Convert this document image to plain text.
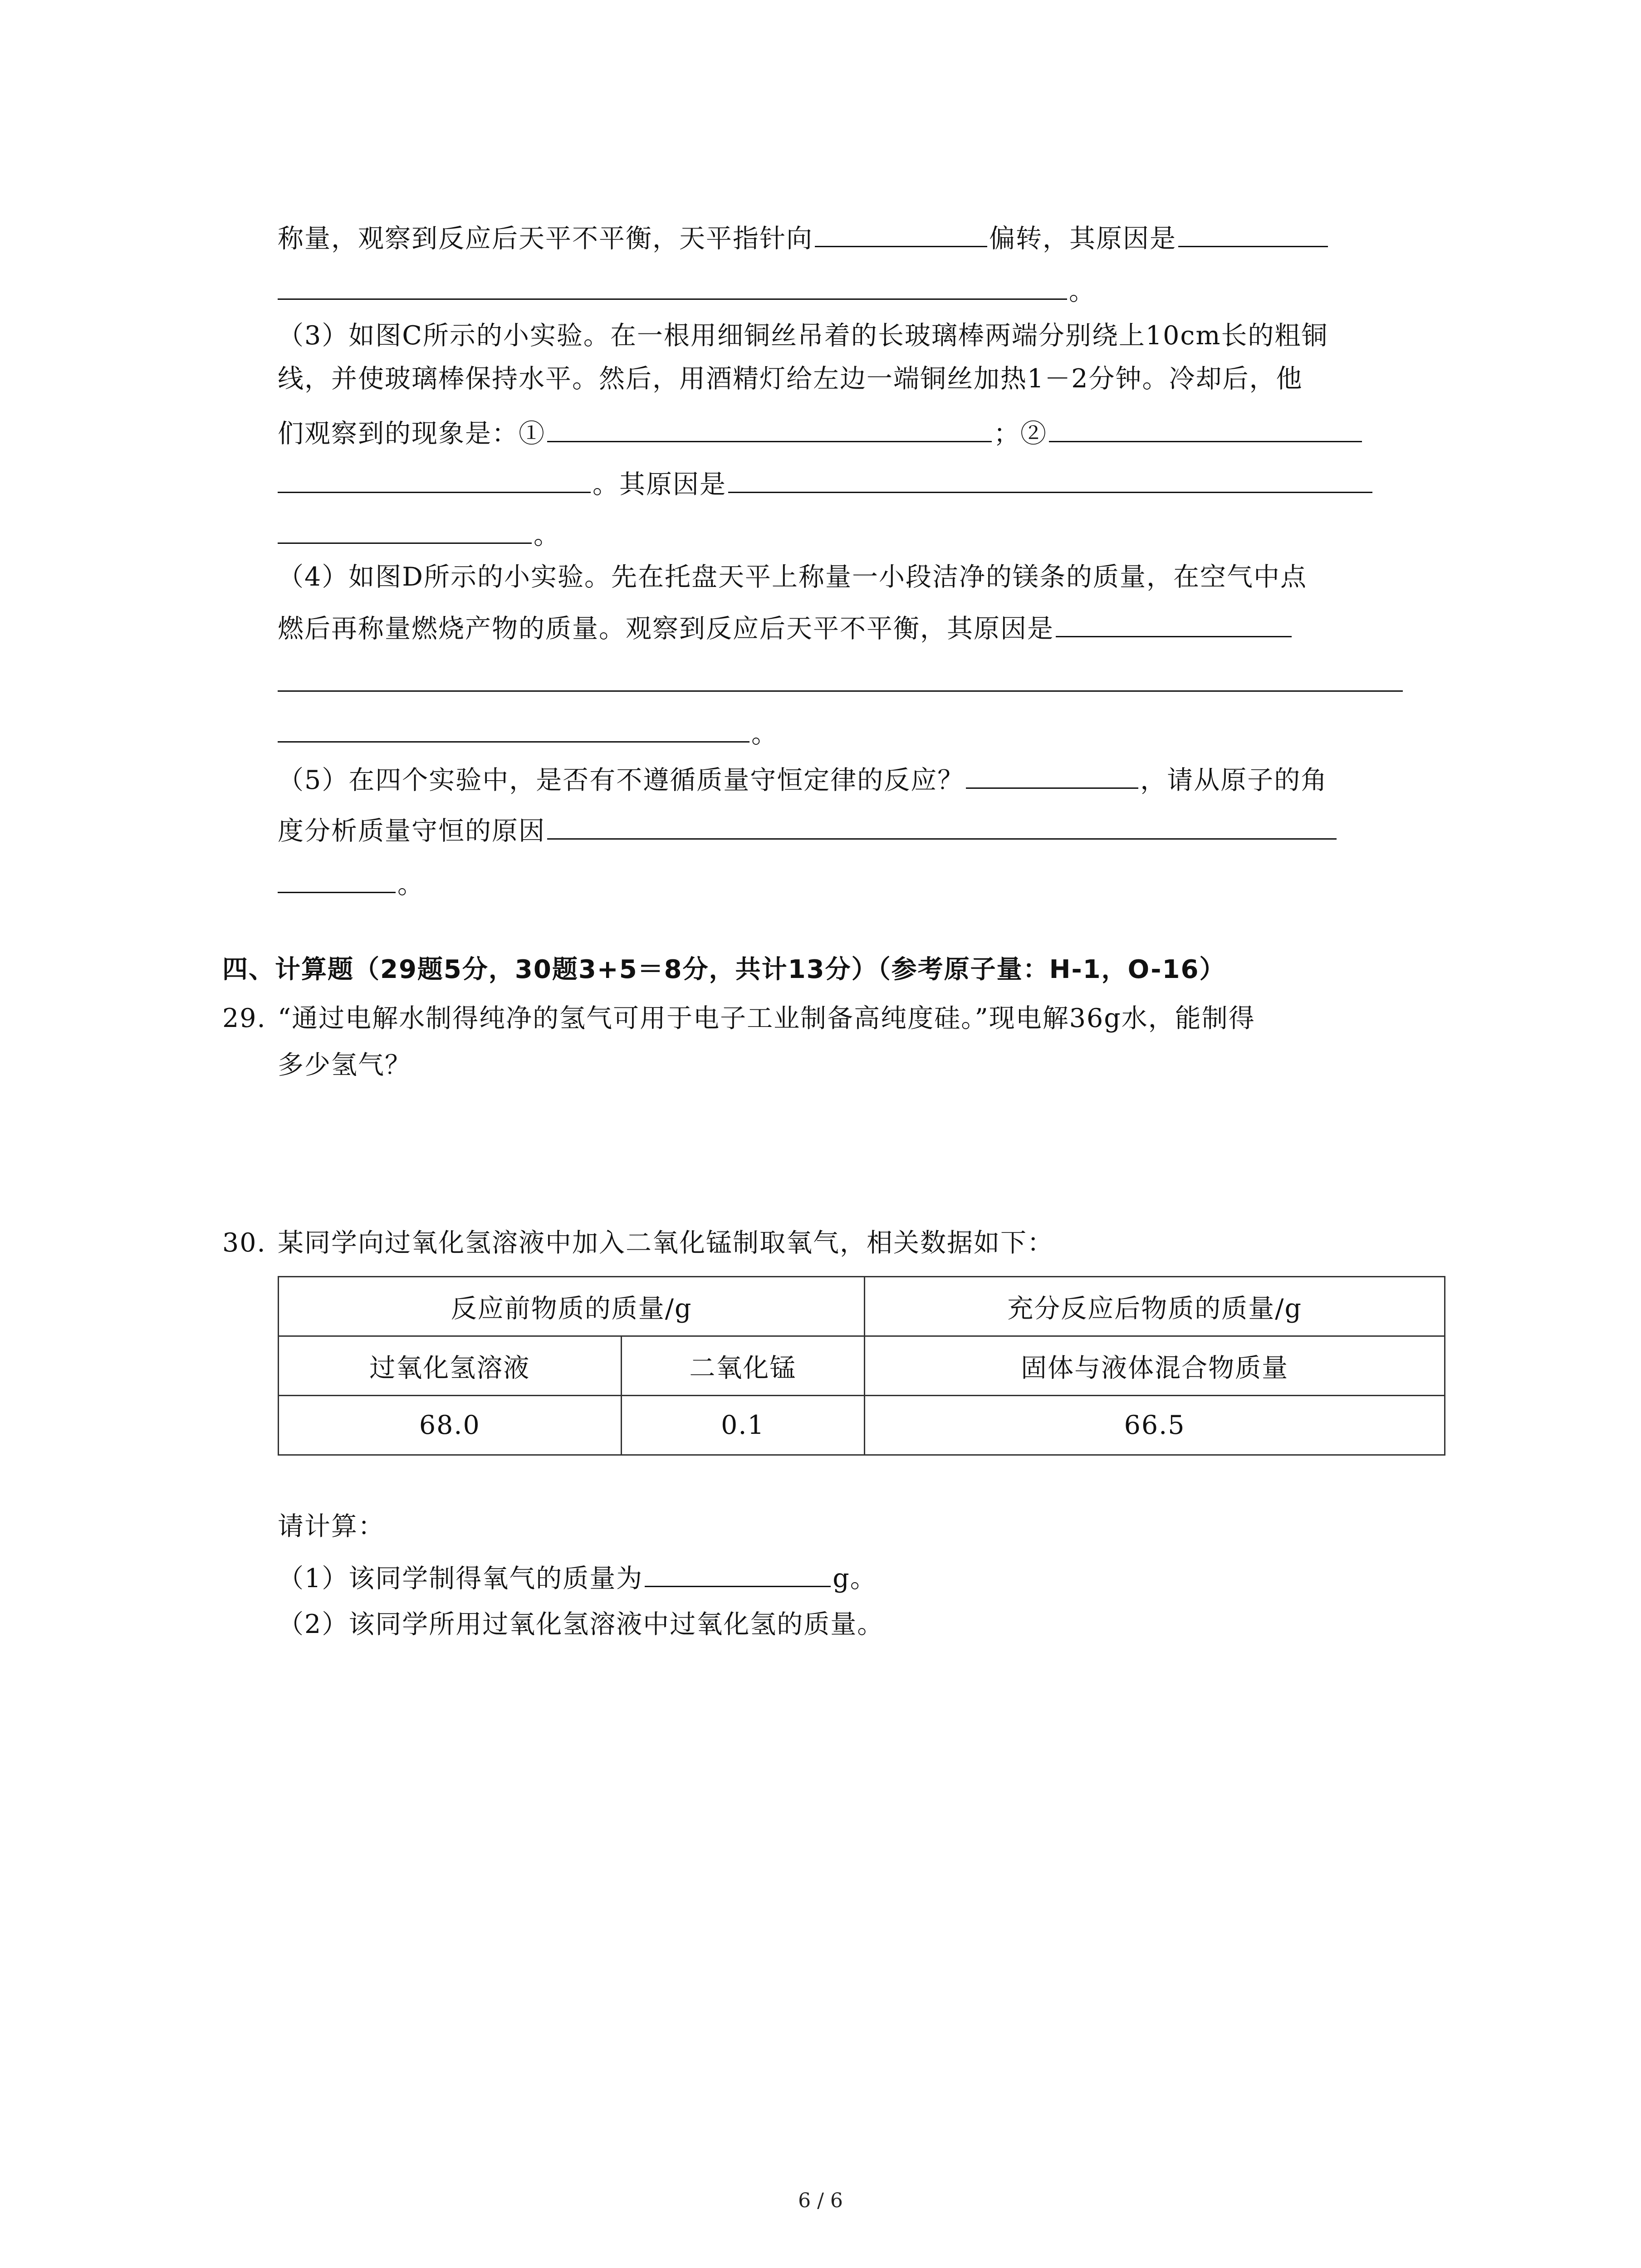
称量，观察到反应后天平不平衡，天平指针向	偏转，其原因是
。
（3）如图C所示的小实验。在一根用细铜丝吊着的长玻璃棒两端分别绕上10cm长的粗铜
线，并使玻璃棒保持水平。然后，用酒精灯给左边一端铜丝加热1－2分钟。冷却后，他
们观察到的现象是：①	；②
。其原因是
。
（4）如图D所示的小实验。先在托盘天平上称量一小段洁净的镁条的质量，在空气中点
燃后再称量燃烧产物的质量。观察到反应后天平不平衡，其原因是
。
（5）在四个实验中，是否有不遵循质量守恒定律的反应？	，请从原子的角
度分析质量守恒的原因
。
四、计算题（29题5分，30题3+5＝8分，共计13分）（参考原子量：H-1，O-16）
29. “通过电解水制得纯净的氢气可用于电子工业制备高纯度硅。”现电解36g水，能制得
多少氢气？
30. 某同学向过氧化氢溶液中加入二氧化锰制取氧气，相关数据如下：
反应前物质的质量/g		充分反应后物质的质量/g
过氧化氢溶液	二氧化锰	固体与液体混合物质量
68.0	0.1	66.5
请计算：
（1）该同学制得氧气的质量为	g。
（2）该同学所用过氧化氢溶液中过氧化氢的质量。
6 / 6
